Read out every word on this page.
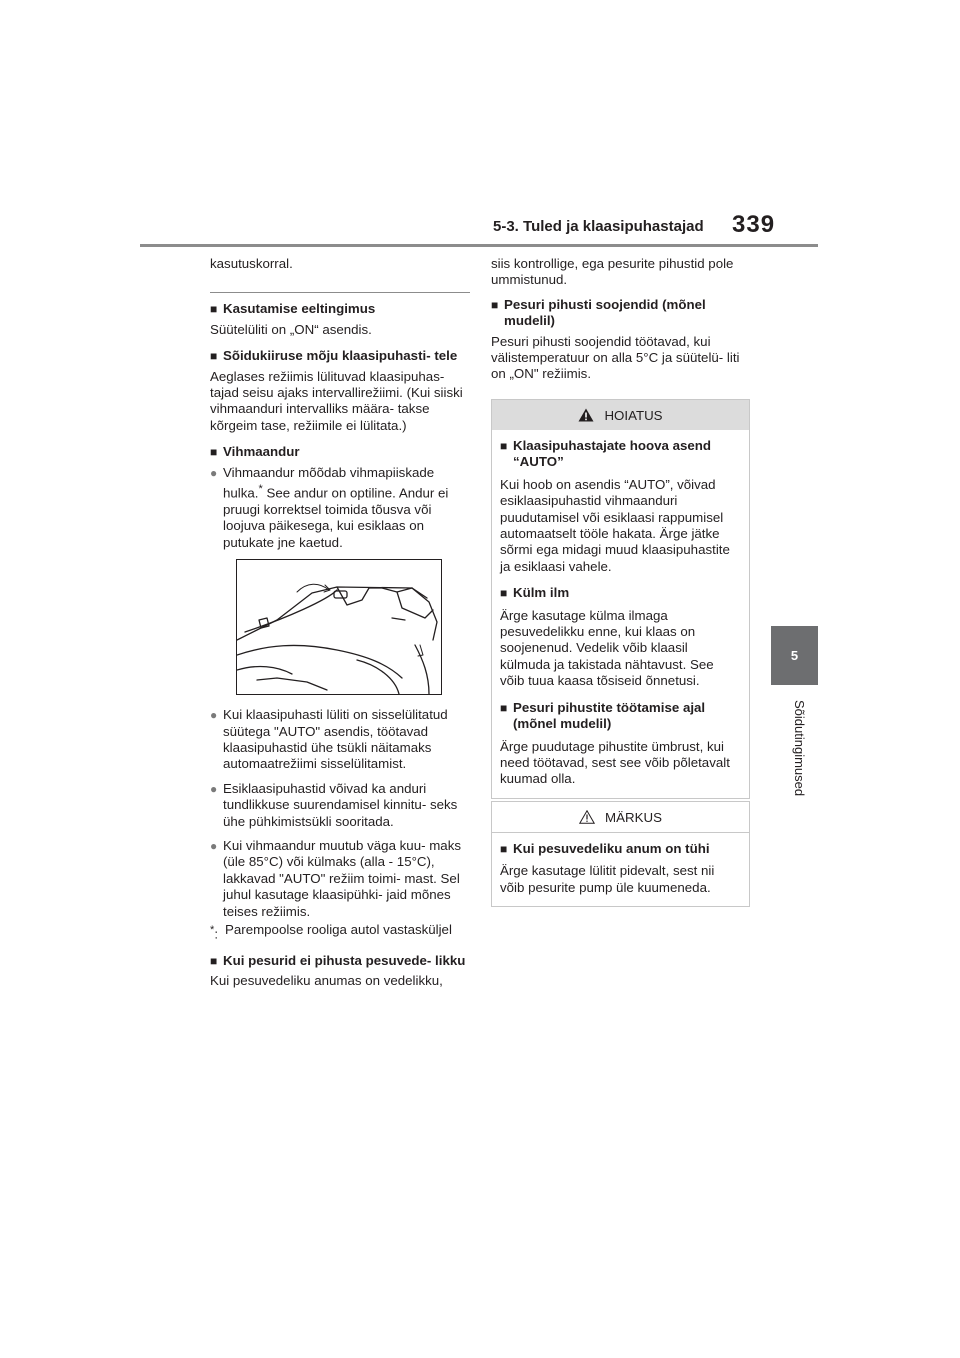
5-3. Tuled ja klaasipuhastajad 339
5
Sõidutingimused

kasutuskorral.

■ Kasutamise eeltingimus

Süütelüliti on „ON“ asendis.

■ Sõidukiiruse mõju klaasipuhasti- tele

Aeglases režiimis lülituvad klaasipuhas- tajad seisu ajaks intervallirežiimi. (Kui siiski vihmaanduri intervalliks määra- takse kõrgeim tase, režiimile ei lülitata.)

■ Vihmaandur
● Vihmaandur mõõdab vihmapiiskade hulka.* See andur on optiline. Andur ei pruugi korrektsel toimida tõusva või loojuva päikesega, kui esiklaas on putukate jne kaetud.
● Kui klaasipuhasti lüliti on sisselülitatud süütega "AUTO" asendis, töötavad klaasipuhastid ühe tsükli näitamaks automaatrežiimi sisselülitamist.
● Esiklaasipuhastid võivad ka anduri tundlikkuse suurendamisel kinnitu- seks ühe pühkimistsükli sooritada.
● Kui vihmaandur muutub väga kuu- maks (üle 85°C) või külmaks (alla - 15°C), lakkavad "AUTO" režiim toimi- mast. Sel juhul kasutage klaasipühki- jaid mõnes teises režiimis.
*: Parempoolse rooliga autol vastasküljel
■ Kui pesurid ei pihusta pesuvede- likku

Kui pesuvedeliku anumas on vedelikku,

siis kontrollige, ega pesurite pihustid pole ummistunud.

■ Pesuri pihusti soojendid (mõnel mudelil)

Pesuri pihusti soojendid töötavad, kui välistemperatuur on alla 5°C ja süütelü- liti on „ON" režiimis.

HOIATUS
■ Klaasipuhastajate hoova asend “AUTO”

Kui hoob on asendis “AUTO”, võivad esiklaasipuhastid vihmaanduri puudutamisel või esiklaasi rappumisel automaatselt tööle hakata. Ärge jätke sõrmi ega midagi muud klaasipuhastite ja esiklaasi vahele.

■ Külm ilm

Ärge kasutage külma ilmaga pesuvedelikku enne, kui klaas on soojenenud. Vedelik võib klaasil külmuda ja takistada nähtavust. See võib tuua kaasa tõsiseid õnnetusi.

■ Pesuri pihustite töötamise ajal (mõnel mudelil)

Ärge puudutage pihustite ümbrust, kui need töötavad, sest see võib põletavalt kuumad olla.

MÄRKUS
■ Kui pesuvedeliku anum on tühi

Ärge kasutage lülitit pidevalt, sest nii võib pesurite pump üle kuumeneda.
